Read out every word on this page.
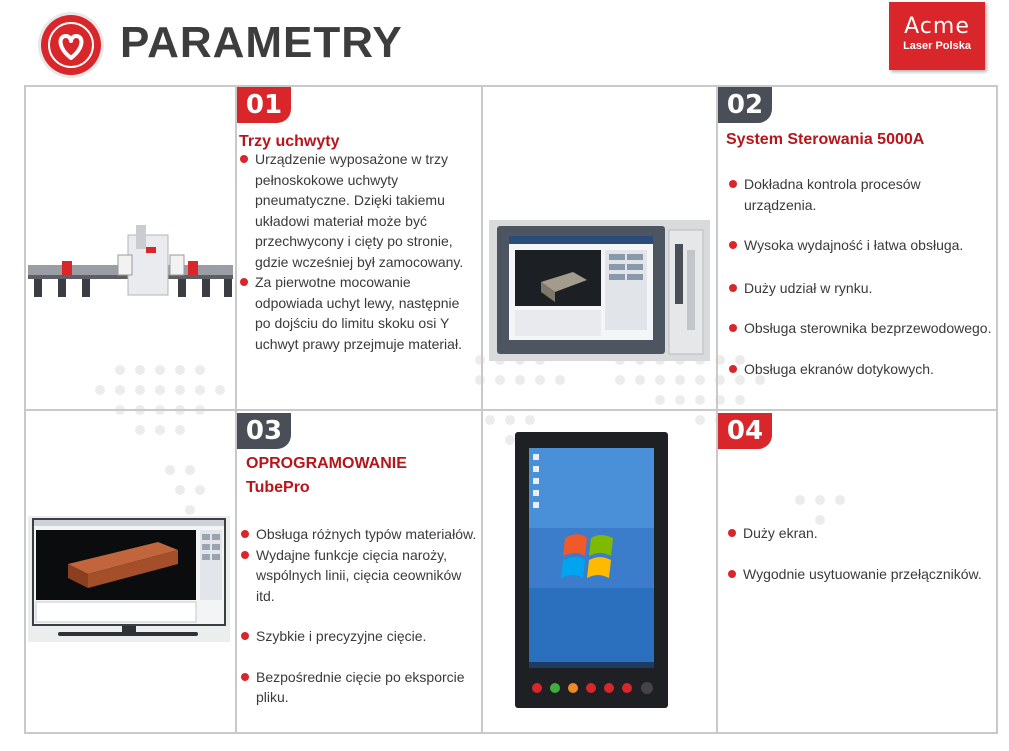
PARAMETRY	Acme
Laser Polska
01
Trzy uchwyty
Urządzenie wyposażone w trzy pełnoskokowe uchwyty pneumatyczne. Dzięki takiemu układowi materiał może być przechwycony i cięty po stronie, gdzie wcześniej był zamocowany.
Za pierwotne mocowanie odpowiada uchyt lewy, następnie po dojściu do limitu skoku osi Y uchwyt prawy przejmuje materiał.
02
System Sterowania 5000A
Dokładna kontrola procesów urządzenia.
Wysoka wydajność i łatwa obsługa.
Duży udział w rynku.
Obsługa sterownika bezprzewodowego.
Obsługa ekranów dotykowych.
03
OPROGRAMOWANIE
TubePro
Obsługa różnych typów materiałów.
Wydajne funkcje cięcia naroży, wspólnych linii, cięcia ceowników itd.
Szybkie i precyzyjne cięcie.
Bezpośrednie cięcie po eksporcie pliku.
04
Duży ekran.
Wygodnie usytuowanie przełączników.
